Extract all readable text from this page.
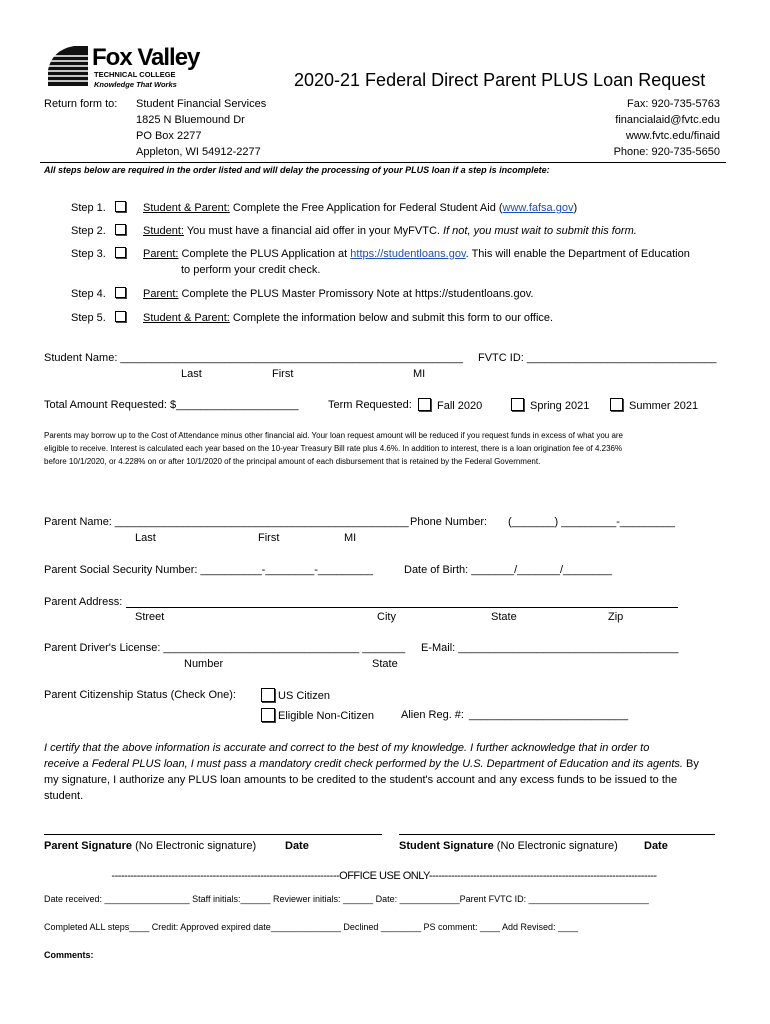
Fox Valley
TECHNICAL COLLEGE
Knowledge That Works	2020-21 Federal Direct Parent PLUS Loan Request
Return form to: Student Financial Services
1825 N Bluemound Dr
PO Box 2277
Appleton, WI 54912-2277
Fax: 920-735-5763
financialaid@fvtc.edu
www.fvtc.edu/finaid
Phone: 920-735-5650
All steps below are required in the order listed and will delay the processing of your PLUS loan if a step is incomplete:
Step 1.	Student & Parent: Complete the Free Application for Federal Student Aid (www.fafsa.gov)
Step 2.	Student: You must have a financial aid offer in your MyFVTC. If not, you must wait to submit this form.
Step 3.	Parent: Complete the PLUS Application at https://studentloans.gov. This will enable the Department of Education
to perform your credit check.
Step 4.	Parent: Complete the PLUS Master Promissory Note at https://studentloans.gov.
Step 5.	Student & Parent: Complete the information below and submit this form to our office.
Student Name: ________________________________________________________ FVTC ID: _______________________________
Last	First	MI
Total Amount Requested: $____________________	Term Requested:	Fall 2020	Spring 2021	Summer 2021
Parents may borrow up to the Cost of Attendance minus other financial aid. Your loan request amount will be reduced if you request funds in excess of what you are
eligible to receive. Interest is calculated each year based on the 10-year Treasury Bill rate plus 4.6%. In addition to interest, there is a loan origination fee of 4.236%
before 10/1/2020, or 4.228% on or after 10/1/2020 of the principal amount of each disbursement that is retained by the Federal Government.
Parent Name: ________________________________________________ Phone Number: (_______) _________-_________
Last	First	MI
Parent Social Security Number: __________-________-_________	Date of Birth: _______/_______/________
Parent Address:
Street	City	State	Zip
Parent Driver's License: ________________________________ _______ E-Mail: ____________________________________
Number	State
Parent Citizenship Status (Check One):	US Citizen
Eligible Non-Citizen Alien Reg. #: __________________________
I certify that the above information is accurate and correct to the best of my knowledge. I further acknowledge that in order to
receive a Federal PLUS loan, I must pass a mandatory credit check performed by the U.S. Department of Education and its agents. By
my signature, I authorize any PLUS loan amounts to be credited to the student's account and any excess funds to be issued to the
student.
Parent Signature (No Electronic signature)	Date	Student Signature (No Electronic signature) Date
------------------------------------------------------------------------OFFICE USE ONLY------------------------------------------------------------------------
Date received: _________________ Staff initials:______ Reviewer initials: ______ Date: ____________Parent FVTC ID: ________________________
Completed ALL steps____ Credit: Approved expired date______________ Declined ________ PS comment: ____ Add Revised: ____
Comments:
